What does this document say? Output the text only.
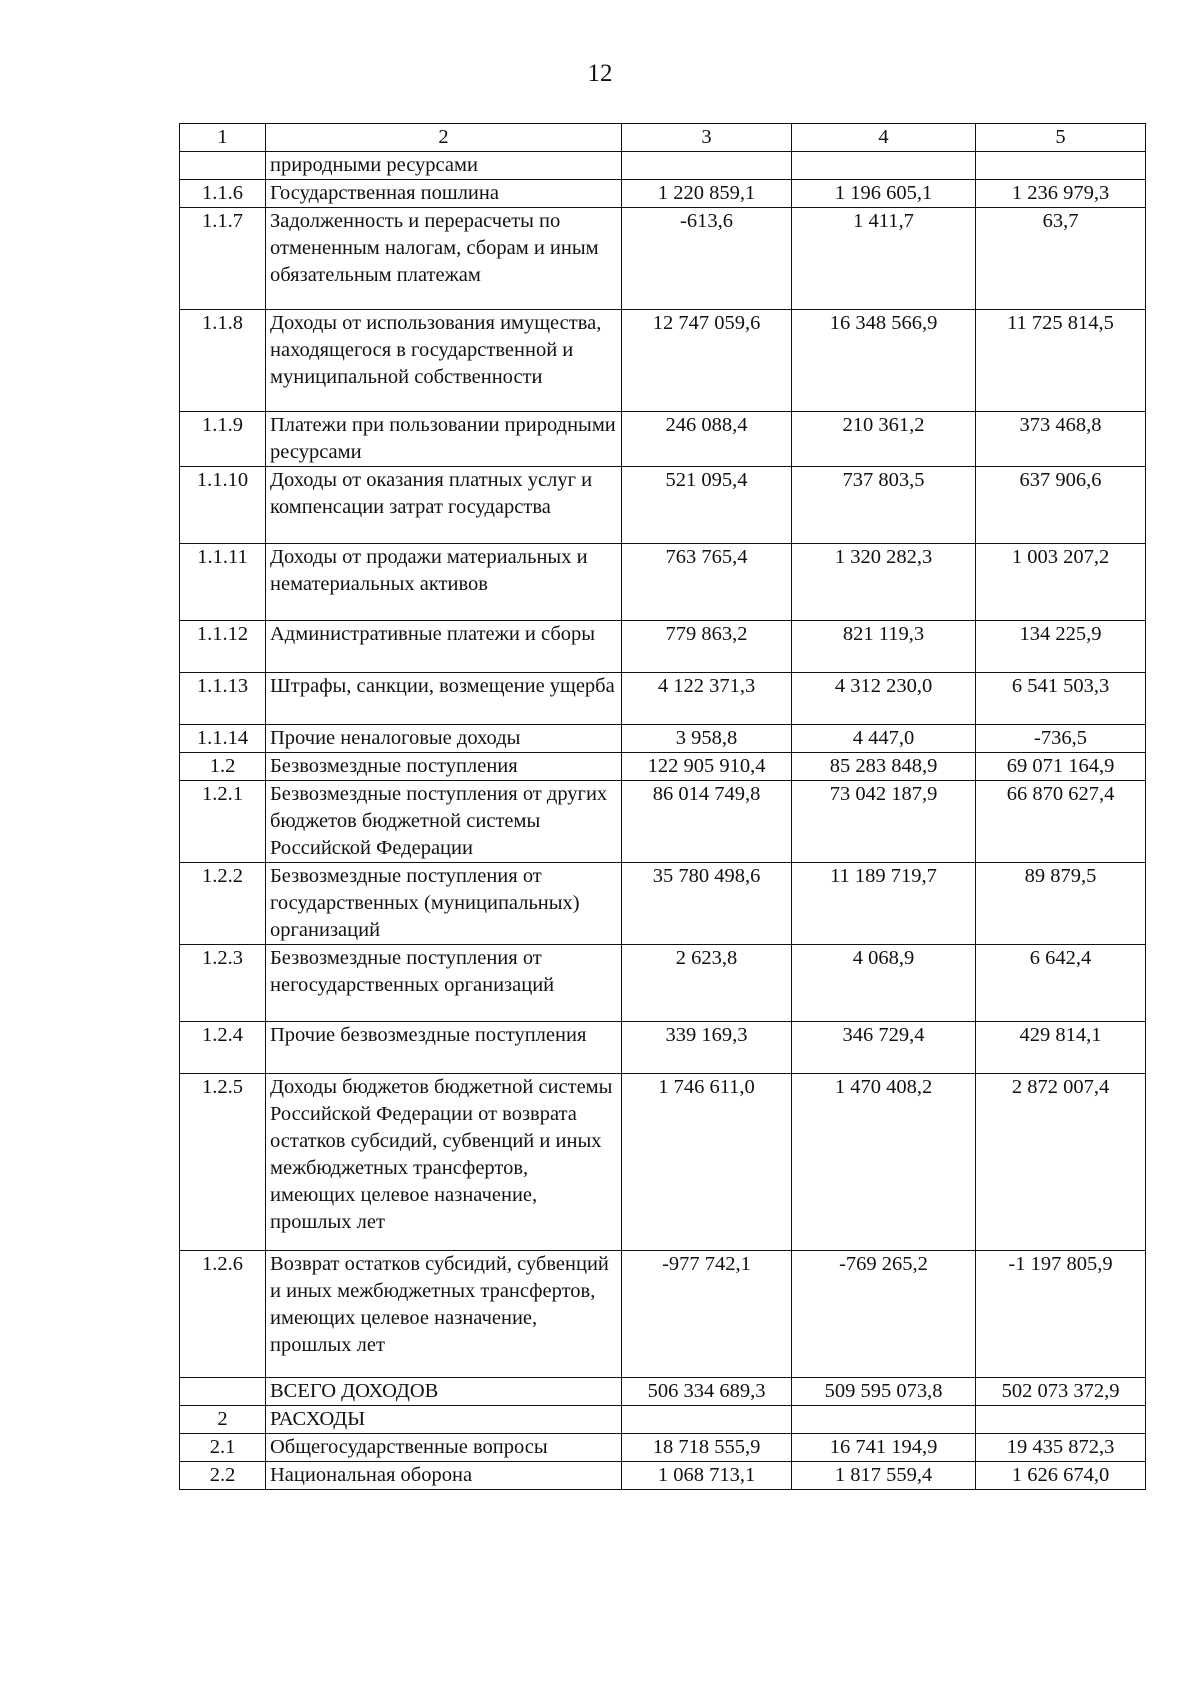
12
1	2	3	4	5
	природными ресурсами			
1.1.6	Государственная пошлина	1 220 859,1	1 196 605,1	1 236 979,3
1.1.7	Задолженность и перерасчеты по отмененным налогам, сборам и иным обязательным платежам	-613,6	1 411,7	63,7
1.1.8	Доходы от использования имущества, находящегося в государственной и муниципальной собственности	12 747 059,6	16 348 566,9	11 725 814,5
1.1.9	Платежи при пользовании природными ресурсами	246 088,4	210 361,2	373 468,8
1.1.10	Доходы от оказания платных услуг и компенсации затрат государства	521 095,4	737 803,5	637 906,6
1.1.11	Доходы от продажи материальных и нематериальных активов	763 765,4	1 320 282,3	1 003 207,2
1.1.12	Административные платежи и сборы	779 863,2	821 119,3	134 225,9
1.1.13	Штрафы, санкции, возмещение ущерба	4 122 371,3	4 312 230,0	6 541 503,3
1.1.14	Прочие неналоговые доходы	3 958,8	4 447,0	-736,5
1.2	Безвозмездные поступления	122 905 910,4	85 283 848,9	69 071 164,9
1.2.1	Безвозмездные поступления от других бюджетов бюджетной системы Российской Федерации	86 014 749,8	73 042 187,9	66 870 627,4
1.2.2	Безвозмездные поступления от государственных (муниципальных) организаций	35 780 498,6	11 189 719,7	89 879,5
1.2.3	Безвозмездные поступления от негосударственных организаций	2 623,8	4 068,9	6 642,4
1.2.4	Прочие безвозмездные поступления	339 169,3	346 729,4	429 814,1
1.2.5	Доходы бюджетов бюджетной системы Российской Федерации от возврата остатков субсидий, субвенций и иных межбюджетных трансфертов, имеющих целевое назначение, прошлых лет	1 746 611,0	1 470 408,2	2 872 007,4
1.2.6	Возврат остатков субсидий, субвенций и иных межбюджетных трансфертов, имеющих целевое назначение, прошлых лет	-977 742,1	-769 265,2	-1 197 805,9
	ВСЕГО ДОХОДОВ	506 334 689,3	509 595 073,8	502 073 372,9
2	РАСХОДЫ			
2.1	Общегосударственные вопросы	18 718 555,9	16 741 194,9	19 435 872,3
2.2	Национальная оборона	1 068 713,1	1 817 559,4	1 626 674,0
